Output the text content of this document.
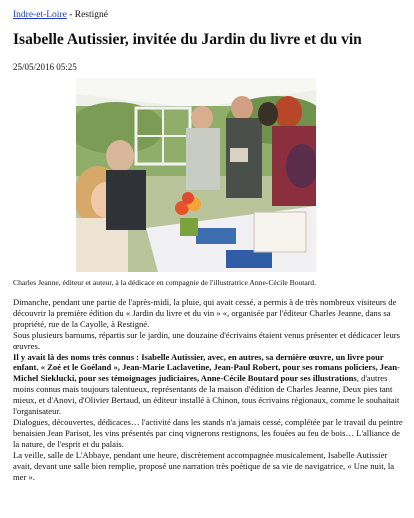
Indre-et-Loire - Restigné
Isabelle Autissier, invitée du Jardin du livre et du vin
25/05/2016 05:25
Charles Jeanne, éditeur et auteur, à la dédicace en compagnie de l'illustratrice Anne-Cécile Boutard.

Dimanche, pendant une partie de l'après-midi, la pluie, qui avait cessé, a permis à de très nombreux visiteurs de découvrir la première édition du « Jardin du livre et du vin » «, organisée par l'éditeur Charles Jeanne, dans sa propriété, rue de la Cayolle, à Restigné.

Sous plusieurs barnums, répartis sur le jardin, une douzaine d'écrivains étaient venus présenter et dédicacer leurs œuvres.

Il y avait là des noms très connus : Isabelle Autissier, avec, en autres, sa dernière œuvre, un livre pour enfant. « Zoé et le Goéland », Jean-Marie Laclavetine, Jean-Paul Robert, pour ses romans policiers, Jean-Michel Sieklucki, pour ses témoignages judiciaires, Anne-Cécile Boutard pour ses illustrations, d'autres moins connus mais toujours talentueux, représentants de la maison d'édition de Charles Jeanne, Deux pies tant mieux, et d'Anovi, d'Olivier Bertaud, un éditeur installé à Chinon, tous écrivains régionaux, comme le souhaitait l'organisateur.

Dialogues, découvertes, dédicaces… l'activité dans les stands n'a jamais cessé, complétée par le travail du peintre benaisien Jean Parisot, les vins présentés par cinq vignerons restignons, les fouées au feu de bois… L'alliance de la nature, de l'esprit et du palais.

La veille, salle de L'Abbaye, pendant une heure, discrètement accompagnée musicalement, Isabelle Autissier avait, devant une salle bien remplie, proposé une narration très poétique de sa vie de navigatrice, « Une nuit, la mer ».
